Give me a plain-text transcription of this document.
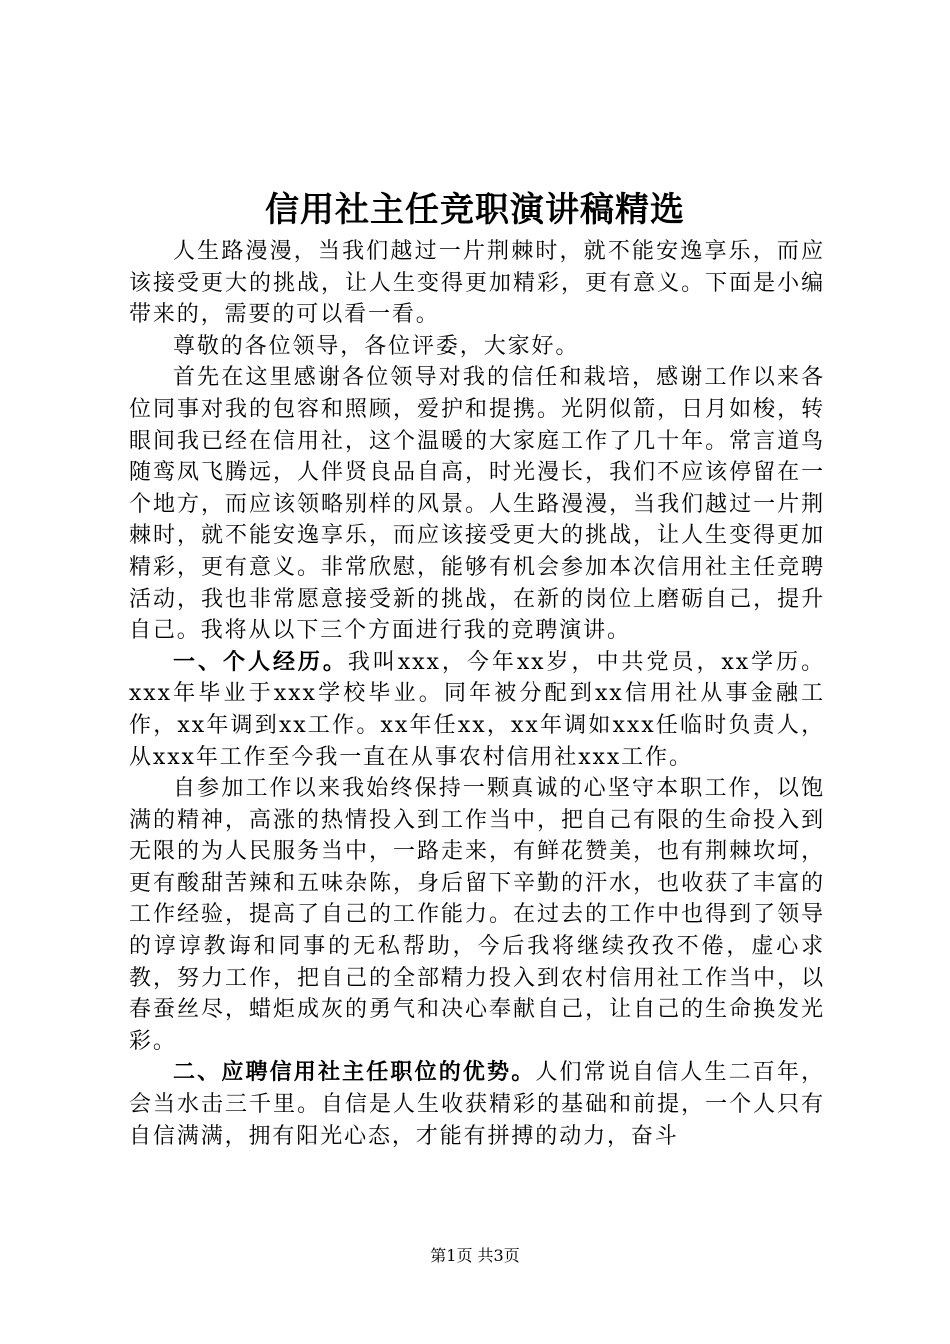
信用社主任竞职演讲稿精选

人生路漫漫，当我们越过一片荆棘时，就不能安逸享乐，而应该接受更大的挑战，让人生变得更加精彩，更有意义。下面是小编带来的，需要的可以看一看。

尊敬的各位领导，各位评委，大家好。

首先在这里感谢各位领导对我的信任和栽培，感谢工作以来各位同事对我的包容和照顾，爱护和提携。光阴似箭，日月如梭，转眼间我已经在信用社，这个温暖的大家庭工作了几十年。常言道鸟随鸾凤飞腾远，人伴贤良品自高，时光漫长，我们不应该停留在一个地方，而应该领略别样的风景。人生路漫漫，当我们越过一片荆棘时，就不能安逸享乐，而应该接受更大的挑战，让人生变得更加精彩，更有意义。非常欣慰，能够有机会参加本次信用社主任竞聘活动，我也非常愿意接受新的挑战，在新的岗位上磨砺自己，提升自己。我将从以下三个方面进行我的竞聘演讲。

一、个人经历。我叫xxx，今年xx岁，中共党员，xx学历。xxx年毕业于xxx学校毕业。同年被分配到xx信用社从事金融工作，xx年调到xx工作。xx年任xx，xx年调如xxx任临时负责人，从xxx年工作至今我一直在从事农村信用社xxx工作。

自参加工作以来我始终保持一颗真诚的心坚守本职工作，以饱满的精神，高涨的热情投入到工作当中，把自己有限的生命投入到无限的为人民服务当中，一路走来，有鲜花赞美，也有荆棘坎坷，更有酸甜苦辣和五味杂陈，身后留下辛勤的汗水，也收获了丰富的工作经验，提高了自己的工作能力。在过去的工作中也得到了领导的谆谆教诲和同事的无私帮助，今后我将继续孜孜不倦，虚心求教，努力工作，把自己的全部精力投入到农村信用社工作当中，以春蚕丝尽，蜡炬成灰的勇气和决心奉献自己，让自己的生命换发光彩。

二、应聘信用社主任职位的优势。人们常说自信人生二百年，会当水击三千里。自信是人生收获精彩的基础和前提，一个人只有自信满满，拥有阳光心态，才能有拼搏的动力，奋斗

第1页 共3页
